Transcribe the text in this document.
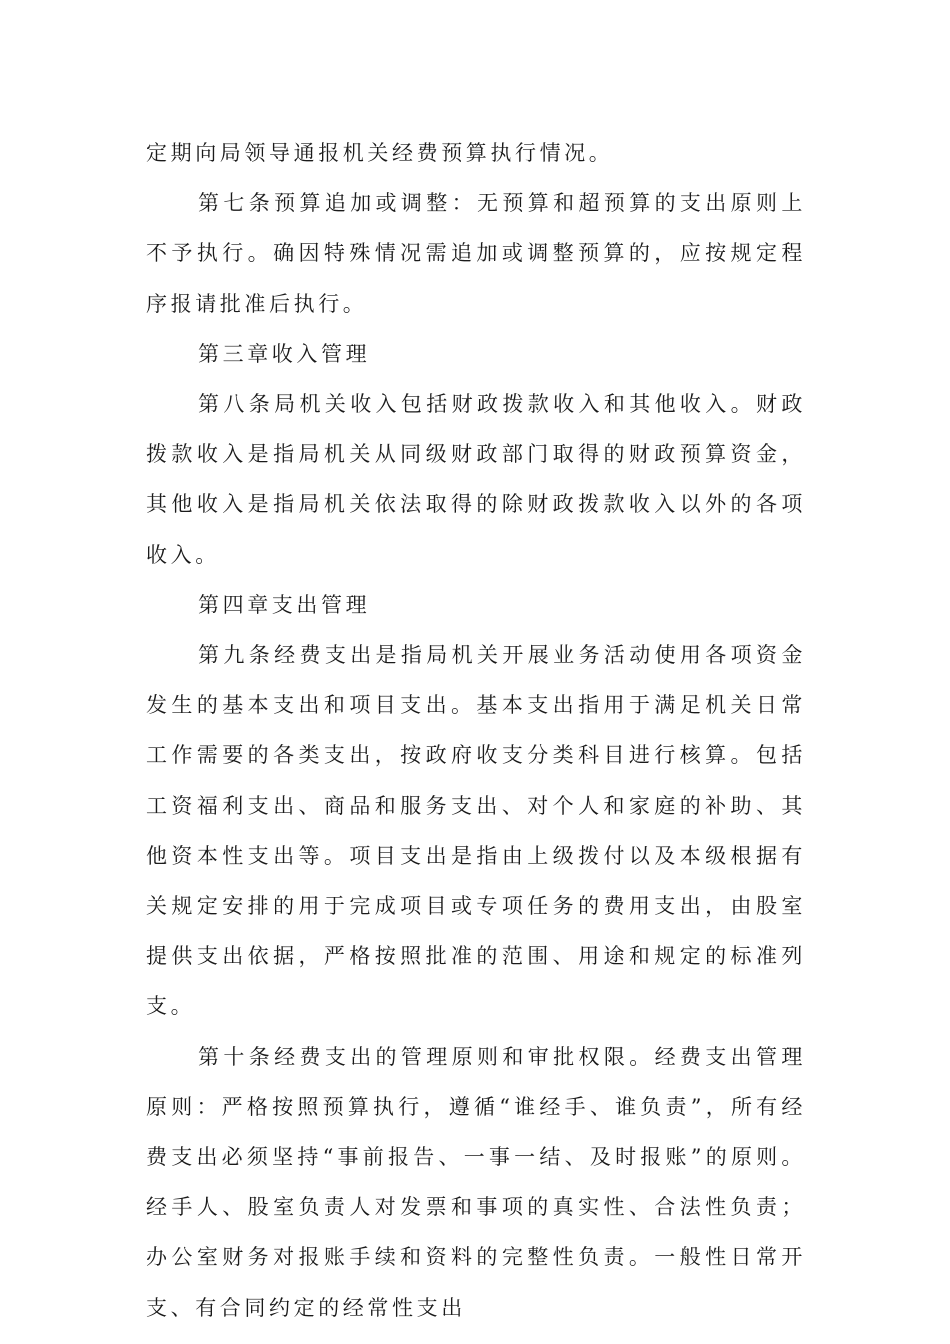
定期向局领导通报机关经费预算执行情况。

第七条预算追加或调整：无预算和超预算的支出原则上不予执行。确因特殊情况需追加或调整预算的，应按规定程序报请批准后执行。

第三章收入管理

第八条局机关收入包括财政拨款收入和其他收入。财政拨款收入是指局机关从同级财政部门取得的财政预算资金，其他收入是指局机关依法取得的除财政拨款收入以外的各项收入。

第四章支出管理

第九条经费支出是指局机关开展业务活动使用各项资金发生的基本支出和项目支出。基本支出指用于满足机关日常工作需要的各类支出，按政府收支分类科目进行核算。包括工资福利支出、商品和服务支出、对个人和家庭的补助、其他资本性支出等。项目支出是指由上级拨付以及本级根据有关规定安排的用于完成项目或专项任务的费用支出，由股室提供支出依据，严格按照批准的范围、用途和规定的标准列支。

第十条经费支出的管理原则和审批权限。经费支出管理原则：严格按照预算执行，遵循“谁经手、谁负责”，所有经费支出必须坚持“事前报告、一事一结、及时报账”的原则。经手人、股室负责人对发票和事项的真实性、合法性负责；办公室财务对报账手续和资料的完整性负责。一般性日常开支、有合同约定的经常性支出
